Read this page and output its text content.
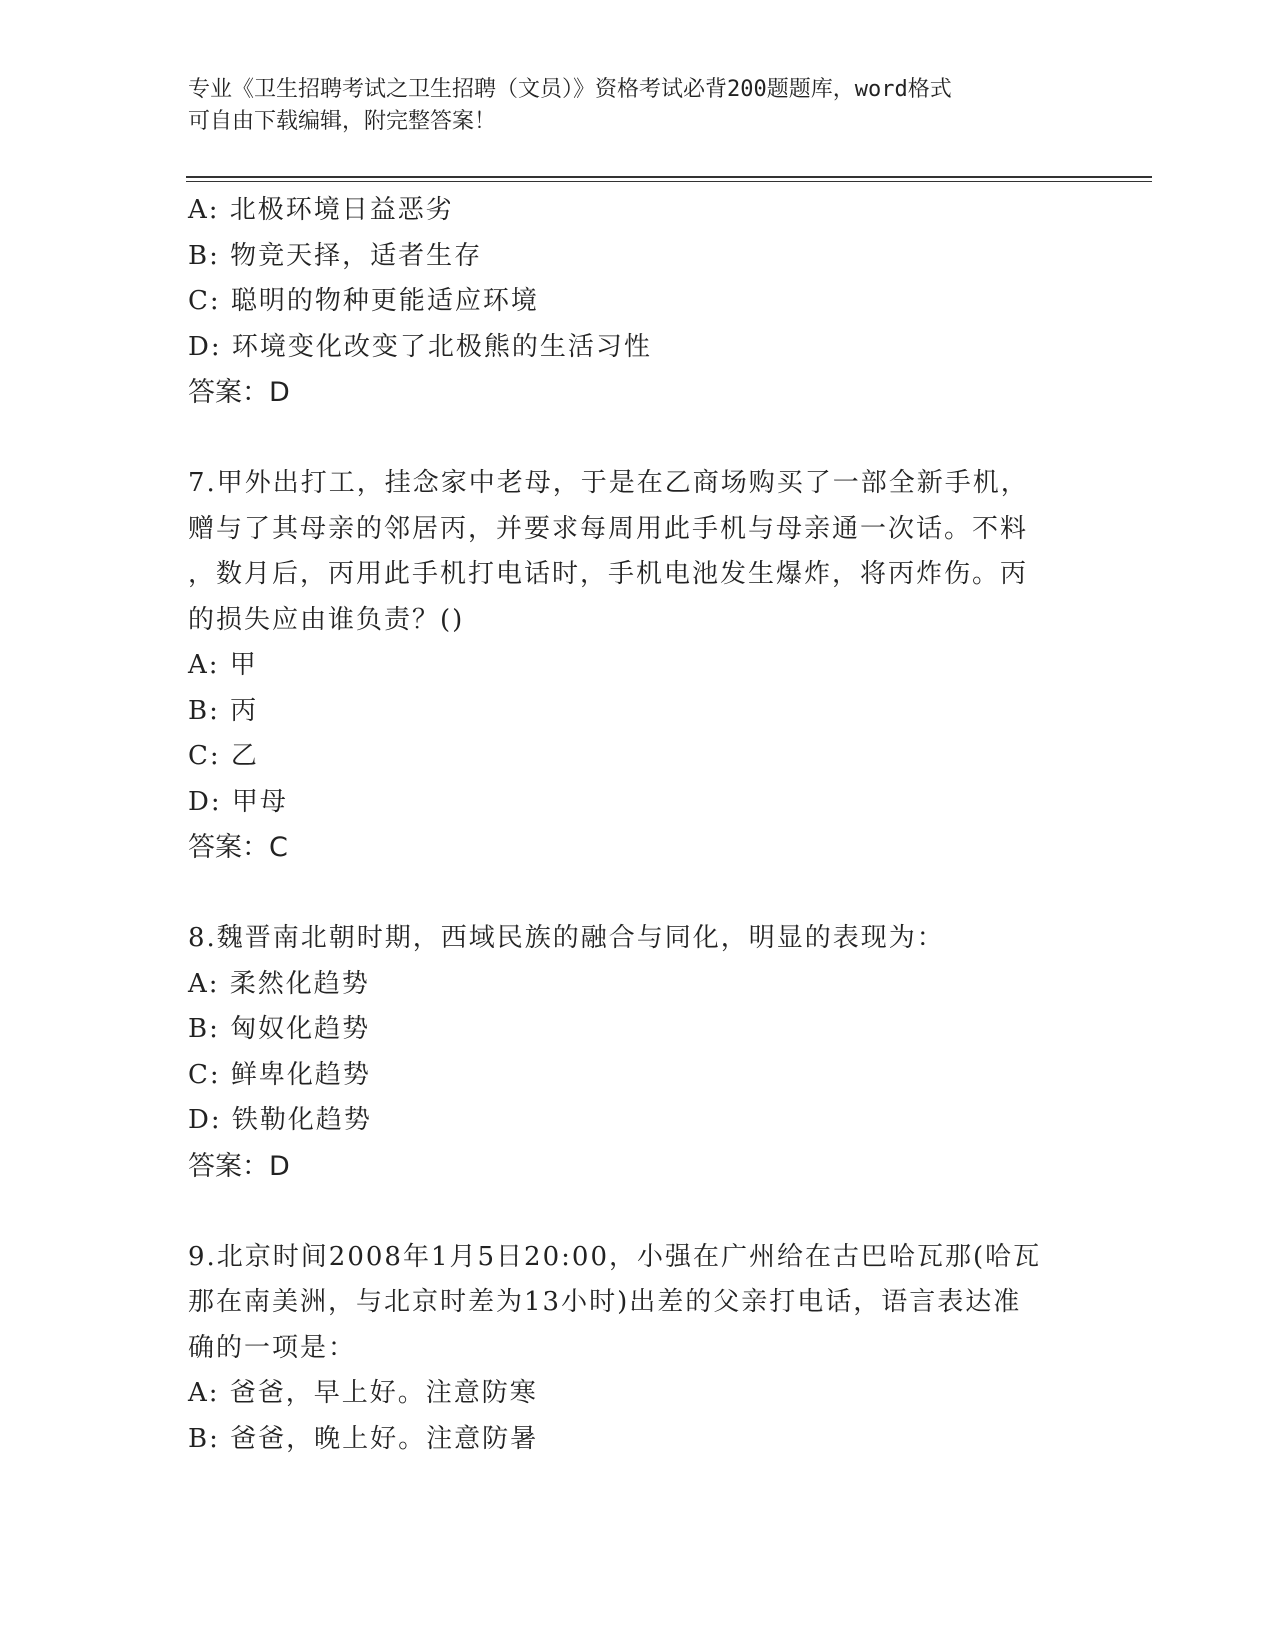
专业《卫生招聘考试之卫生招聘（文员）》资格考试必背200题题库，word格式
可自由下载编辑，附完整答案！
A: 北极环境日益恶劣
B: 物竞天择，适者生存
C: 聪明的物种更能适应环境
D: 环境变化改变了北极熊的生活习性
答案：D
7.甲外出打工，挂念家中老母，于是在乙商场购买了一部全新手机，
赠与了其母亲的邻居丙，并要求每周用此手机与母亲通一次话。不料
，数月后，丙用此手机打电话时，手机电池发生爆炸，将丙炸伤。丙
的损失应由谁负责？()
A: 甲
B: 丙
C: 乙
D: 甲母
答案：C
8.魏晋南北朝时期，西域民族的融合与同化，明显的表现为：
A: 柔然化趋势
B: 匈奴化趋势
C: 鲜卑化趋势
D: 铁勒化趋势
答案：D
9.北京时间2008年1月5日20:00，小强在广州给在古巴哈瓦那(哈瓦
那在南美洲，与北京时差为13小时)出差的父亲打电话，语言表达准
确的一项是：
A: 爸爸，早上好。注意防寒
B: 爸爸，晚上好。注意防暑
